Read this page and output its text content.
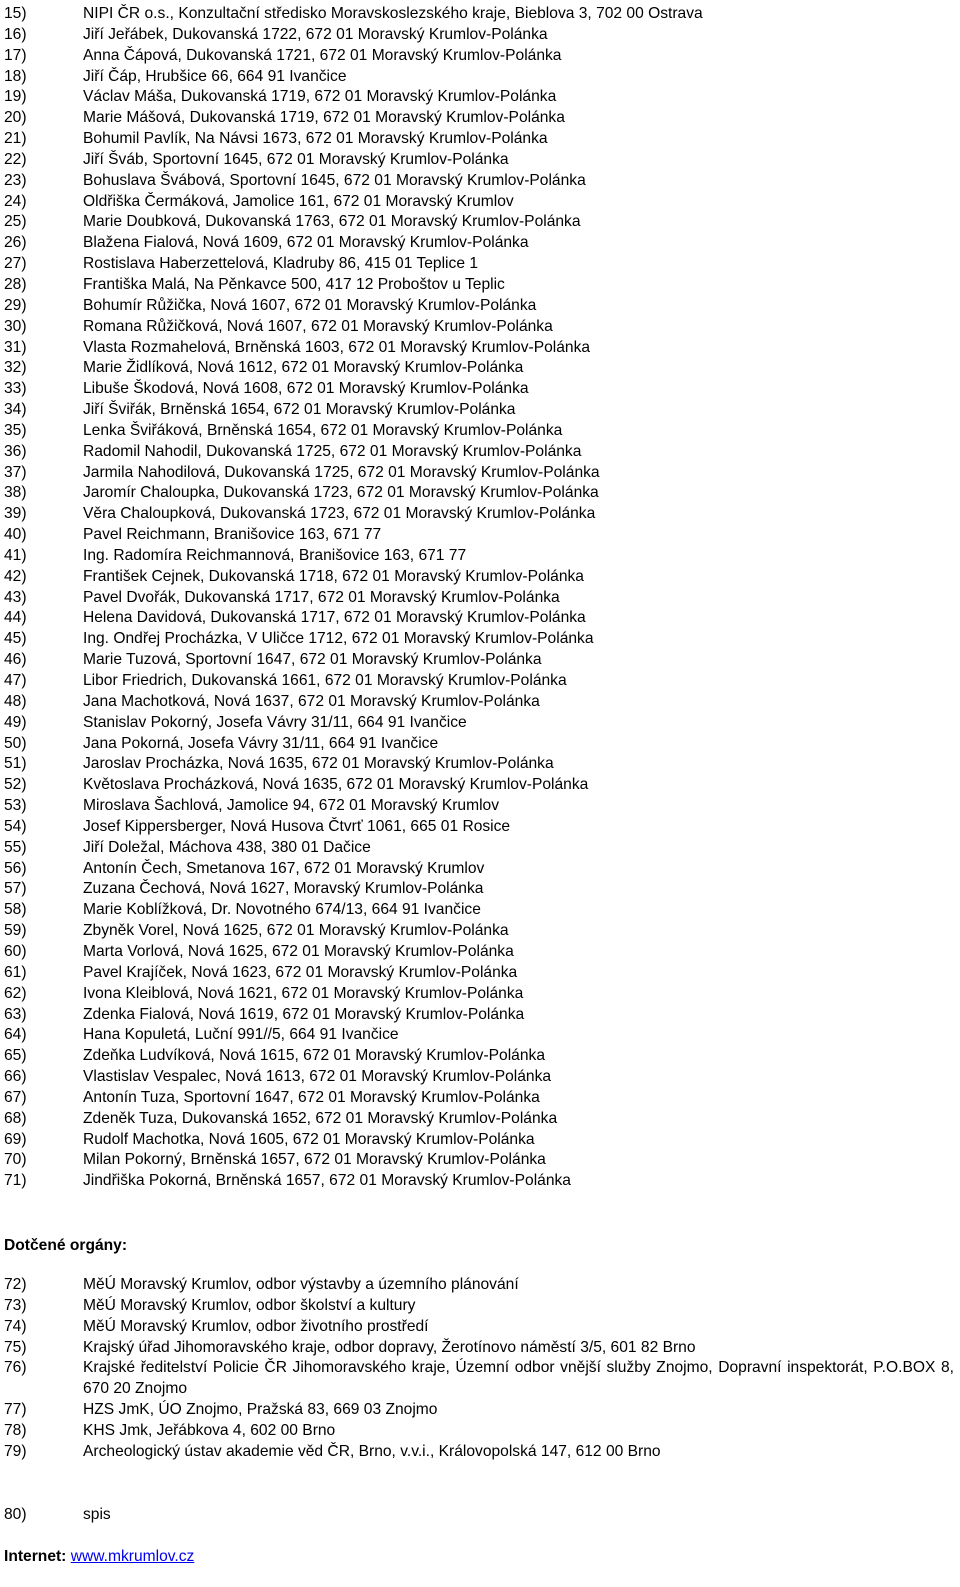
15)	NIPI ČR o.s., Konzultační středisko Moravskoslezského kraje, Bieblova 3, 702 00 Ostrava
16)	Jiří Jeřábek, Dukovanská 1722, 672 01 Moravský Krumlov-Polánka
17)	Anna Čápová, Dukovanská 1721, 672 01 Moravský Krumlov-Polánka
18)	Jiří Čáp, Hrubšice 66, 664 91 Ivančice
19)	Václav Máša, Dukovanská 1719, 672 01 Moravský Krumlov-Polánka
20)	Marie Mášová, Dukovanská 1719, 672 01 Moravský Krumlov-Polánka
21)	Bohumil Pavlík, Na Návsi 1673, 672 01 Moravský Krumlov-Polánka
22)	Jiří Šváb, Sportovní 1645, 672 01 Moravský Krumlov-Polánka
23)	Bohuslava Švábová, Sportovní 1645, 672 01 Moravský Krumlov-Polánka
24)	Oldřiška Čermáková, Jamolice 161, 672 01 Moravský Krumlov
25)	Marie Doubková, Dukovanská 1763, 672 01 Moravský Krumlov-Polánka
26)	Blažena Fialová, Nová 1609, 672 01 Moravský Krumlov-Polánka
27)	Rostislava Haberzettelová, Kladruby 86, 415 01 Teplice 1
28)	Františka Malá, Na Pěnkavce 500, 417 12 Proboštov u Teplic
29)	Bohumír Růžička, Nová 1607, 672 01 Moravský Krumlov-Polánka
30)	Romana Růžičková, Nová 1607, 672 01 Moravský Krumlov-Polánka
31)	Vlasta Rozmahelová, Brněnská 1603, 672 01 Moravský Krumlov-Polánka
32)	Marie Židlíková, Nová 1612, 672 01 Moravský Krumlov-Polánka
33)	Libuše Škodová, Nová 1608, 672 01 Moravský Krumlov-Polánka
34)	Jiří Šviřák, Brněnská 1654, 672 01 Moravský Krumlov-Polánka
35)	Lenka Šviřáková, Brněnská 1654, 672 01 Moravský Krumlov-Polánka
36)	Radomil Nahodil, Dukovanská 1725, 672 01 Moravský Krumlov-Polánka
37)	Jarmila Nahodilová, Dukovanská 1725, 672 01 Moravský Krumlov-Polánka
38)	Jaromír Chaloupka, Dukovanská 1723, 672 01 Moravský Krumlov-Polánka
39)	Věra Chaloupková, Dukovanská 1723, 672 01 Moravský Krumlov-Polánka
40)	Pavel Reichmann, Branišovice 163, 671 77
41)	Ing. Radomíra Reichmannová, Branišovice 163, 671 77
42)	František Cejnek, Dukovanská 1718, 672 01 Moravský Krumlov-Polánka
43)	Pavel Dvořák, Dukovanská 1717, 672 01 Moravský Krumlov-Polánka
44)	Helena Davidová, Dukovanská 1717, 672 01 Moravský Krumlov-Polánka
45)	Ing. Ondřej Procházka, V Uličce 1712, 672 01 Moravský Krumlov-Polánka
46)	Marie Tuzová, Sportovní 1647, 672 01 Moravský Krumlov-Polánka
47)	Libor Friedrich, Dukovanská 1661, 672 01 Moravský Krumlov-Polánka
48)	Jana Machotková, Nová 1637, 672 01 Moravský Krumlov-Polánka
49)	Stanislav Pokorný, Josefa Vávry 31/11, 664 91 Ivančice
50)	Jana Pokorná, Josefa Vávry 31/11, 664 91 Ivančice
51)	Jaroslav Procházka, Nová 1635, 672 01 Moravský Krumlov-Polánka
52)	Květoslava Procházková, Nová 1635, 672 01 Moravský Krumlov-Polánka
53)	Miroslava Šachlová, Jamolice 94, 672 01 Moravský Krumlov
54)	Josef Kippersberger, Nová Husova Čtvrť 1061, 665 01 Rosice
55)	Jiří Doležal, Máchova 438, 380 01 Dačice
56)	Antonín Čech, Smetanova 167, 672 01 Moravský Krumlov
57)	Zuzana Čechová, Nová 1627, Moravský Krumlov-Polánka
58)	Marie Koblížková, Dr. Novotného 674/13, 664 91 Ivančice
59)	Zbyněk Vorel, Nová 1625, 672 01 Moravský Krumlov-Polánka
60)	Marta Vorlová, Nová 1625, 672 01 Moravský Krumlov-Polánka
61)	Pavel Krajíček, Nová 1623, 672 01 Moravský Krumlov-Polánka
62)	Ivona Kleiblová, Nová 1621, 672 01 Moravský Krumlov-Polánka
63)	Zdenka Fialová, Nová 1619, 672 01 Moravský Krumlov-Polánka
64)	Hana Kopuletá, Luční 991//5, 664 91 Ivančice
65)	Zdeňka Ludvíková, Nová 1615, 672 01 Moravský Krumlov-Polánka
66)	Vlastislav Vespalec, Nová 1613, 672 01 Moravský Krumlov-Polánka
67)	Antonín Tuza, Sportovní 1647, 672 01 Moravský Krumlov-Polánka
68)	Zdeněk Tuza, Dukovanská 1652, 672 01 Moravský Krumlov-Polánka
69)	Rudolf Machotka, Nová 1605, 672 01 Moravský Krumlov-Polánka
70)	Milan Pokorný, Brněnská 1657, 672 01 Moravský Krumlov-Polánka
71)	Jindřiška Pokorná, Brněnská 1657, 672 01 Moravský Krumlov-Polánka
Dotčené orgány:
72)	MěÚ Moravský Krumlov, odbor výstavby a územního plánování
73)	MěÚ Moravský Krumlov, odbor školství a kultury
74)	MěÚ Moravský Krumlov, odbor životního prostředí
75)	Krajský úřad Jihomoravského kraje, odbor dopravy, Žerotínovo náměstí 3/5, 601 82 Brno
76)	Krajské ředitelství Policie ČR Jihomoravského kraje, Územní odbor vnější služby Znojmo, Dopravní inspektorát, P.O.BOX 8, 670 20 Znojmo
77)	HZS JmK, ÚO Znojmo, Pražská 83, 669 03 Znojmo
78)	KHS Jmk, Jeřábkova 4, 602 00 Brno
79)	Archeologický ústav akademie věd ČR, Brno, v.v.i., Královopolská 147, 612 00 Brno
80)	spis
Internet: www.mkrumlov.cz
